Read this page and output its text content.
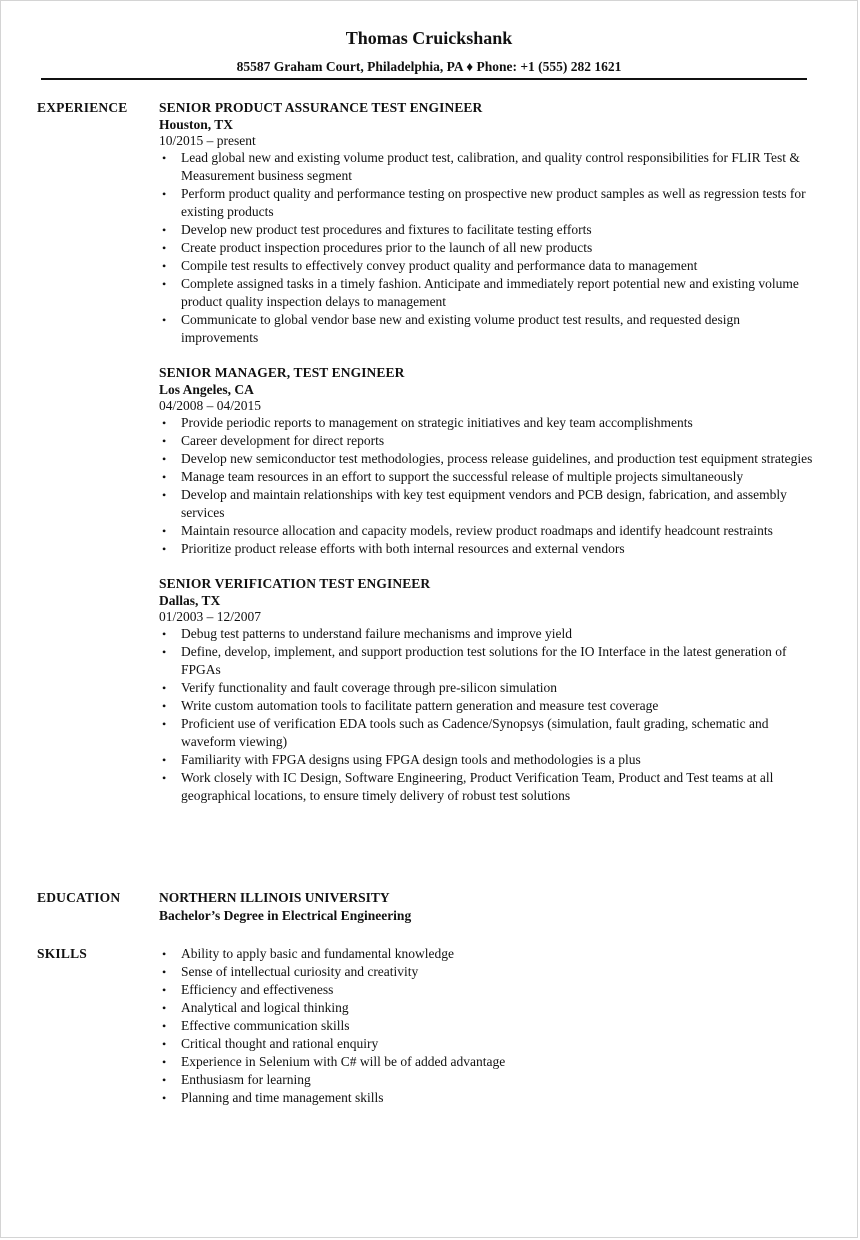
Thomas Cruickshank
85587 Graham Court, Philadelphia, PA ♦ Phone: +1 (555) 282 1621
EXPERIENCE SENIOR PRODUCT ASSURANCE TEST ENGINEER
Houston, TX
10/2015 – present
• Lead global new and existing volume product test, calibration, and quality control responsibilities for FLIR Test & Measurement business segment
• Perform product quality and performance testing on prospective new product samples as well as regression tests for existing products
• Develop new product test procedures and fixtures to facilitate testing efforts
• Create product inspection procedures prior to the launch of all new products
• Compile test results to effectively convey product quality and performance data to management
• Complete assigned tasks in a timely fashion. Anticipate and immediately report potential new and existing volume product quality inspection delays to management
• Communicate to global vendor base new and existing volume product test results, and requested design improvements
SENIOR MANAGER, TEST ENGINEER
Los Angeles, CA
04/2008 – 04/2015
• Provide periodic reports to management on strategic initiatives and key team accomplishments
• Career development for direct reports
• Develop new semiconductor test methodologies, process release guidelines, and production test equipment strategies
• Manage team resources in an effort to support the successful release of multiple projects simultaneously
• Develop and maintain relationships with key test equipment vendors and PCB design, fabrication, and assembly services
• Maintain resource allocation and capacity models, review product roadmaps and identify headcount restraints
• Prioritize product release efforts with both internal resources and external vendors
SENIOR VERIFICATION TEST ENGINEER
Dallas, TX
01/2003 – 12/2007
• Debug test patterns to understand failure mechanisms and improve yield
• Define, develop, implement, and support production test solutions for the IO Interface in the latest generation of FPGAs
• Verify functionality and fault coverage through pre-silicon simulation
• Write custom automation tools to facilitate pattern generation and measure test coverage
• Proficient use of verification EDA tools such as Cadence/Synopsys (simulation, fault grading, schematic and waveform viewing)
• Familiarity with FPGA designs using FPGA design tools and methodologies is a plus
• Work closely with IC Design, Software Engineering, Product Verification Team, Product and Test teams at all geographical locations, to ensure timely delivery of robust test solutions
EDUCATION	NORTHERN ILLINOIS UNIVERSITY
Bachelor’s Degree in Electrical Engineering
SKILLS	• Ability to apply basic and fundamental knowledge
• Sense of intellectual curiosity and creativity
• Efficiency and effectiveness
• Analytical and logical thinking
• Effective communication skills
• Critical thought and rational enquiry
• Experience in Selenium with C# will be of added advantage
• Enthusiasm for learning
• Planning and time management skills
